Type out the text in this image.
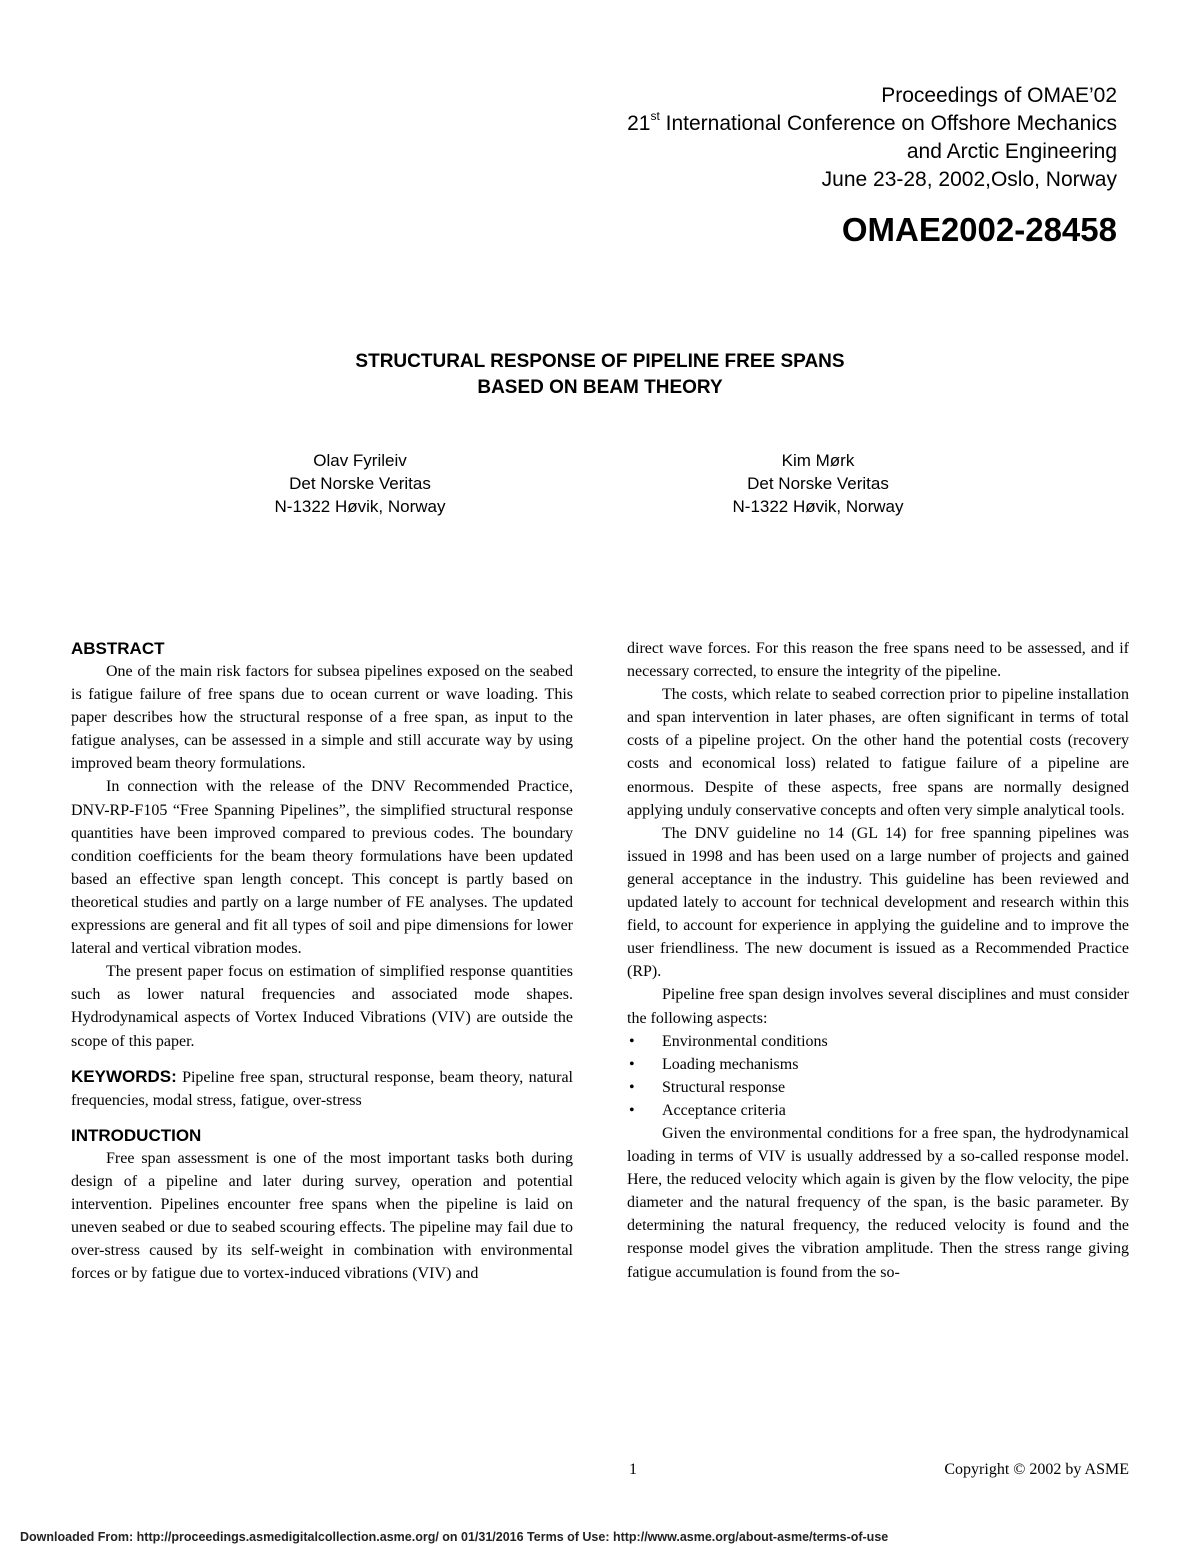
Proceedings of OMAE’02
21st International Conference on Offshore Mechanics
and Arctic Engineering
June 23-28, 2002,Oslo, Norway
OMAE2002-28458
STRUCTURAL RESPONSE OF PIPELINE FREE SPANS
BASED ON BEAM THEORY
Olav Fyrileiv
Det Norske Veritas
N-1322 Høvik, Norway
Kim Mørk
Det Norske Veritas
N-1322 Høvik, Norway
ABSTRACT

One of the main risk factors for subsea pipelines exposed on the seabed is fatigue failure of free spans due to ocean current or wave loading. This paper describes how the structural response of a free span, as input to the fatigue analyses, can be assessed in a simple and still accurate way by using improved beam theory formulations.

In connection with the release of the DNV Recommended Practice, DNV-RP-F105 “Free Spanning Pipelines”, the simplified structural response quantities have been improved compared to previous codes. The boundary condition coefficients for the beam theory formulations have been updated based an effective span length concept. This concept is partly based on theoretical studies and partly on a large number of FE analyses. The updated expressions are general and fit all types of soil and pipe dimensions for lower lateral and vertical vibration modes.

The present paper focus on estimation of simplified response quantities such as lower natural frequencies and associated mode shapes. Hydrodynamical aspects of Vortex Induced Vibrations (VIV) are outside the scope of this paper.

KEYWORDS: Pipeline free span, structural response, beam theory, natural frequencies, modal stress, fatigue, over-stress

INTRODUCTION

Free span assessment is one of the most important tasks both during design of a pipeline and later during survey, operation and potential intervention. Pipelines encounter free spans when the pipeline is laid on uneven seabed or due to seabed scouring effects. The pipeline may fail due to over-stress caused by its self-weight in combination with environmental forces or by fatigue due to vortex-induced vibrations (VIV) and

direct wave forces. For this reason the free spans need to be assessed, and if necessary corrected, to ensure the integrity of the pipeline.

The costs, which relate to seabed correction prior to pipeline installation and span intervention in later phases, are often significant in terms of total costs of a pipeline project. On the other hand the potential costs (recovery costs and economical loss) related to fatigue failure of a pipeline are enormous. Despite of these aspects, free spans are normally designed applying unduly conservative concepts and often very simple analytical tools.

The DNV guideline no 14 (GL 14) for free spanning pipelines was issued in 1998 and has been used on a large number of projects and gained general acceptance in the industry. This guideline has been reviewed and updated lately to account for technical development and research within this field, to account for experience in applying the guideline and to improve the user friendliness. The new document is issued as a Recommended Practice (RP).

Pipeline free span design involves several disciplines and must consider the following aspects:

• Environmental conditions
• Loading mechanisms
• Structural response
• Acceptance criteria

Given the environmental conditions for a free span, the hydrodynamical loading in terms of VIV is usually addressed by a so-called response model. Here, the reduced velocity which again is given by the flow velocity, the pipe diameter and the natural frequency of the span, is the basic parameter. By determining the natural frequency, the reduced velocity is found and the response model gives the vibration amplitude. Then the stress range giving fatigue accumulation is found from the so-

1	Copyright © 2002 by ASME
Downloaded From: http://proceedings.asmedigitalcollection.asme.org/ on 01/31/2016 Terms of Use: http://www.asme.org/about-asme/terms-of-use
